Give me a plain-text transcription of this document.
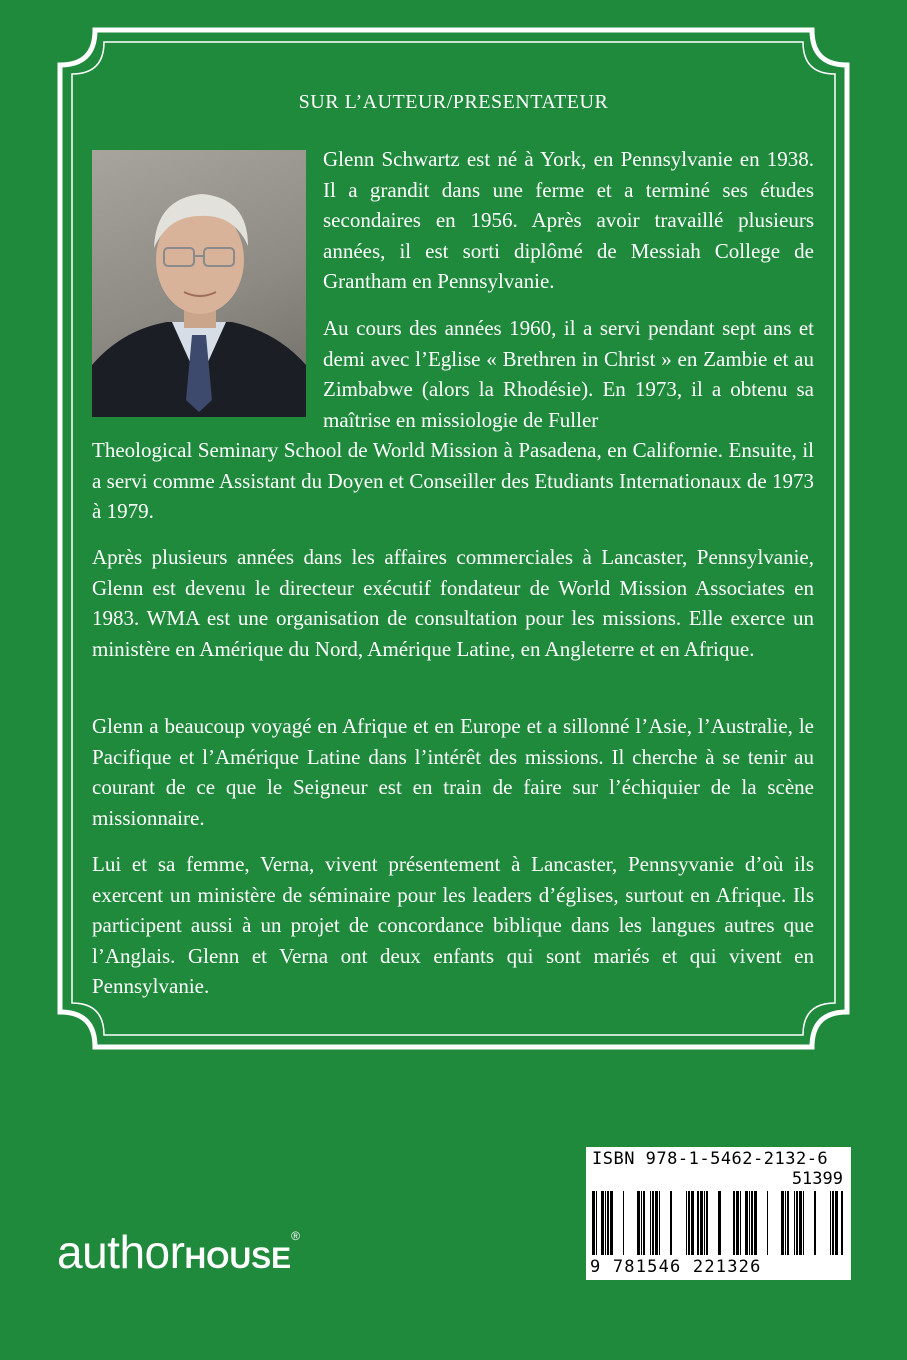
SUR L’AUTEUR/PRESENTATEUR
Glenn Schwartz est né à York, en Pennsylvanie en 1938. Il a grandit dans une ferme et a terminé ses études secondaires en 1956. Après avoir travaillé plusieurs années, il est sorti diplômé de Messiah College de Grantham en Pennsylvanie.
Au cours des années 1960, il a servi pendant sept ans et demi avec l’Eglise « Brethren in Christ » en Zambie et au Zimbabwe (alors la Rhodésie). En 1973, il a obtenu sa maîtrise en missiologie de Fuller
Theological Seminary School de World Mission à Pasadena, en Californie. Ensuite, il a servi comme Assistant du Doyen et Conseiller des Etudiants Internationaux de 1973 à 1979.
Après plusieurs années dans les affaires commerciales à Lancaster, Pennsylvanie, Glenn est devenu le directeur exécutif fondateur de World Mission Associates en 1983. WMA est une organisation de consultation pour les missions. Elle exerce un ministère en Amérique du Nord, Amérique Latine, en Angleterre et en Afrique.
Glenn a beaucoup voyagé en Afrique et en Europe et a sillonné l’Asie, l’Australie, le Pacifique et l’Amérique Latine dans l’intérêt des missions. Il cherche à se tenir au courant de ce que le Seigneur est en train de faire sur l’échiquier de la scène missionnaire.
Lui et sa femme, Verna, vivent présentement à Lancaster, Pennsyvanie d’où ils exercent un ministère de séminaire pour les leaders d’églises, surtout en Afrique. Ils participent aussi à un projet de concordance biblique dans les langues autres que l’Anglais. Glenn et Verna ont deux enfants qui sont mariés et qui vivent en Pennsylvanie.
ISBN 978-1-5462-2132-6
51399
9 781546 221326
authorHOUSE®
